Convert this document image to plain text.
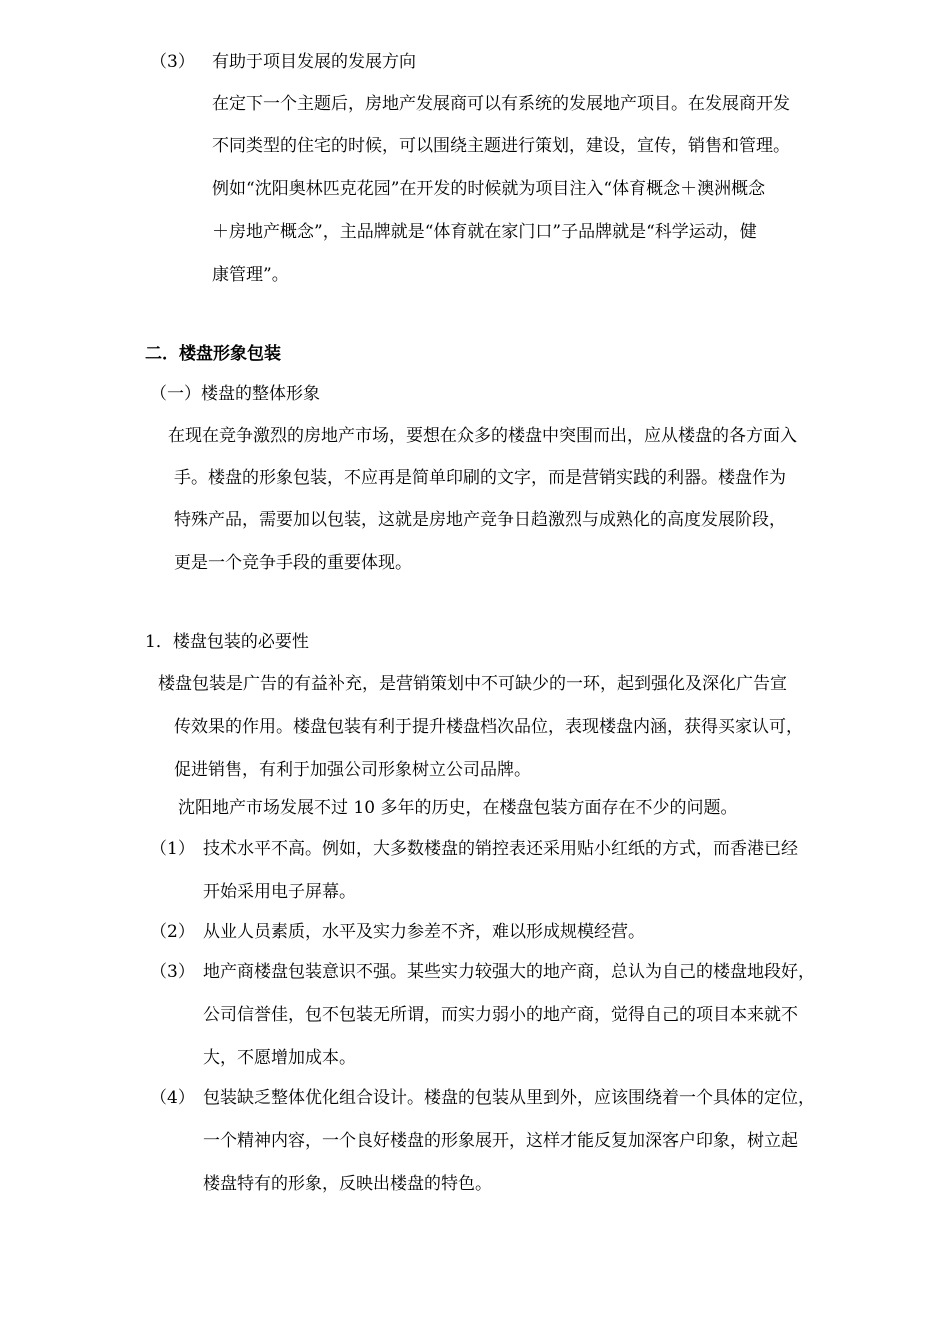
（3） 有助于项目发展的发展方向
在定下一个主题后，房地产发展商可以有系统的发展地产项目。在发展商开发
不同类型的住宅的时候，可以围绕主题进行策划，建设，宣传，销售和管理。
例如“沈阳奥林匹克花园”在开发的时候就为项目注入“体育概念＋澳洲概念
＋房地产概念”，主品牌就是“体育就在家门口”子品牌就是“科学运动，健
康管理”。
二．楼盘形象包装
（一）楼盘的整体形象
在现在竞争激烈的房地产市场，要想在众多的楼盘中突围而出，应从楼盘的各方面入
手。楼盘的形象包装，不应再是简单印刷的文字，而是营销实践的利器。楼盘作为
特殊产品，需要加以包装，这就是房地产竞争日趋激烈与成熟化的高度发展阶段，
更是一个竞争手段的重要体现。
1．楼盘包装的必要性
楼盘包装是广告的有益补充，是营销策划中不可缺少的一环，起到强化及深化广告宣
传效果的作用。楼盘包装有利于提升楼盘档次品位，表现楼盘内涵，获得买家认可，
促进销售，有利于加强公司形象树立公司品牌。
沈阳地产市场发展不过 10 多年的历史，在楼盘包装方面存在不少的问题。
（1） 技术水平不高。例如，大多数楼盘的销控表还采用贴小红纸的方式，而香港已经
开始采用电子屏幕。
（2） 从业人员素质，水平及实力参差不齐，难以形成规模经营。
（3） 地产商楼盘包装意识不强。某些实力较强大的地产商，总认为自己的楼盘地段好，
公司信誉佳，包不包装无所谓，而实力弱小的地产商，觉得自己的项目本来就不
大，不愿增加成本。
（4） 包装缺乏整体优化组合设计。楼盘的包装从里到外，应该围绕着一个具体的定位，
一个精神内容，一个良好楼盘的形象展开，这样才能反复加深客户印象，树立起
楼盘特有的形象，反映出楼盘的特色。
